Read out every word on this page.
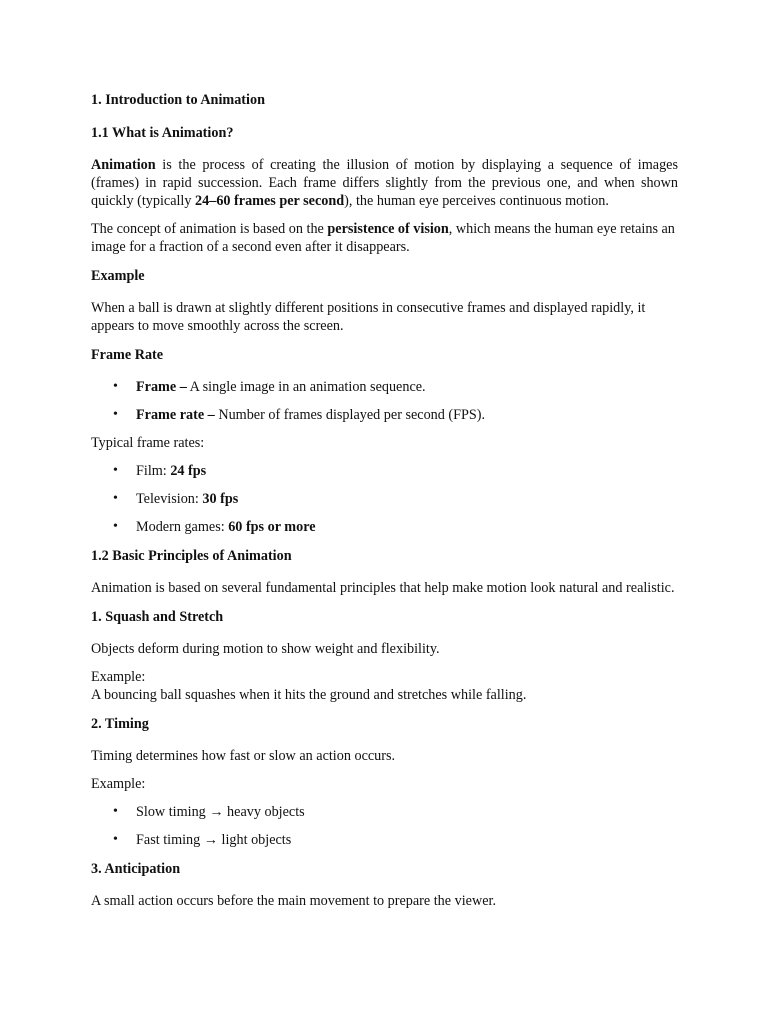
1. Introduction to Animation
1.1 What is Animation?

Animation is the process of creating the illusion of motion by displaying a sequence of images (frames) in rapid succession. Each frame differs slightly from the previous one, and when shown quickly (typically 24–60 frames per second), the human eye perceives continuous motion.

The concept of animation is based on the persistence of vision, which means the human eye retains an image for a fraction of a second even after it disappears.

Example

When a ball is drawn at slightly different positions in consecutive frames and displayed rapidly, it appears to move smoothly across the screen.

Frame Rate
• Frame – A single image in an animation sequence.
• Frame rate – Number of frames displayed per second (FPS).

Typical frame rates:

• Film: 24 fps
• Television: 30 fps
• Modern games: 60 fps or more
1.2 Basic Principles of Animation

Animation is based on several fundamental principles that help make motion look natural and realistic.

1. Squash and Stretch

Objects deform during motion to show weight and flexibility.

Example:

A bouncing ball squashes when it hits the ground and stretches while falling.

2. Timing

Timing determines how fast or slow an action occurs.

Example:

• Slow timing → heavy objects
• Fast timing → light objects
3. Anticipation

A small action occurs before the main movement to prepare the viewer.
